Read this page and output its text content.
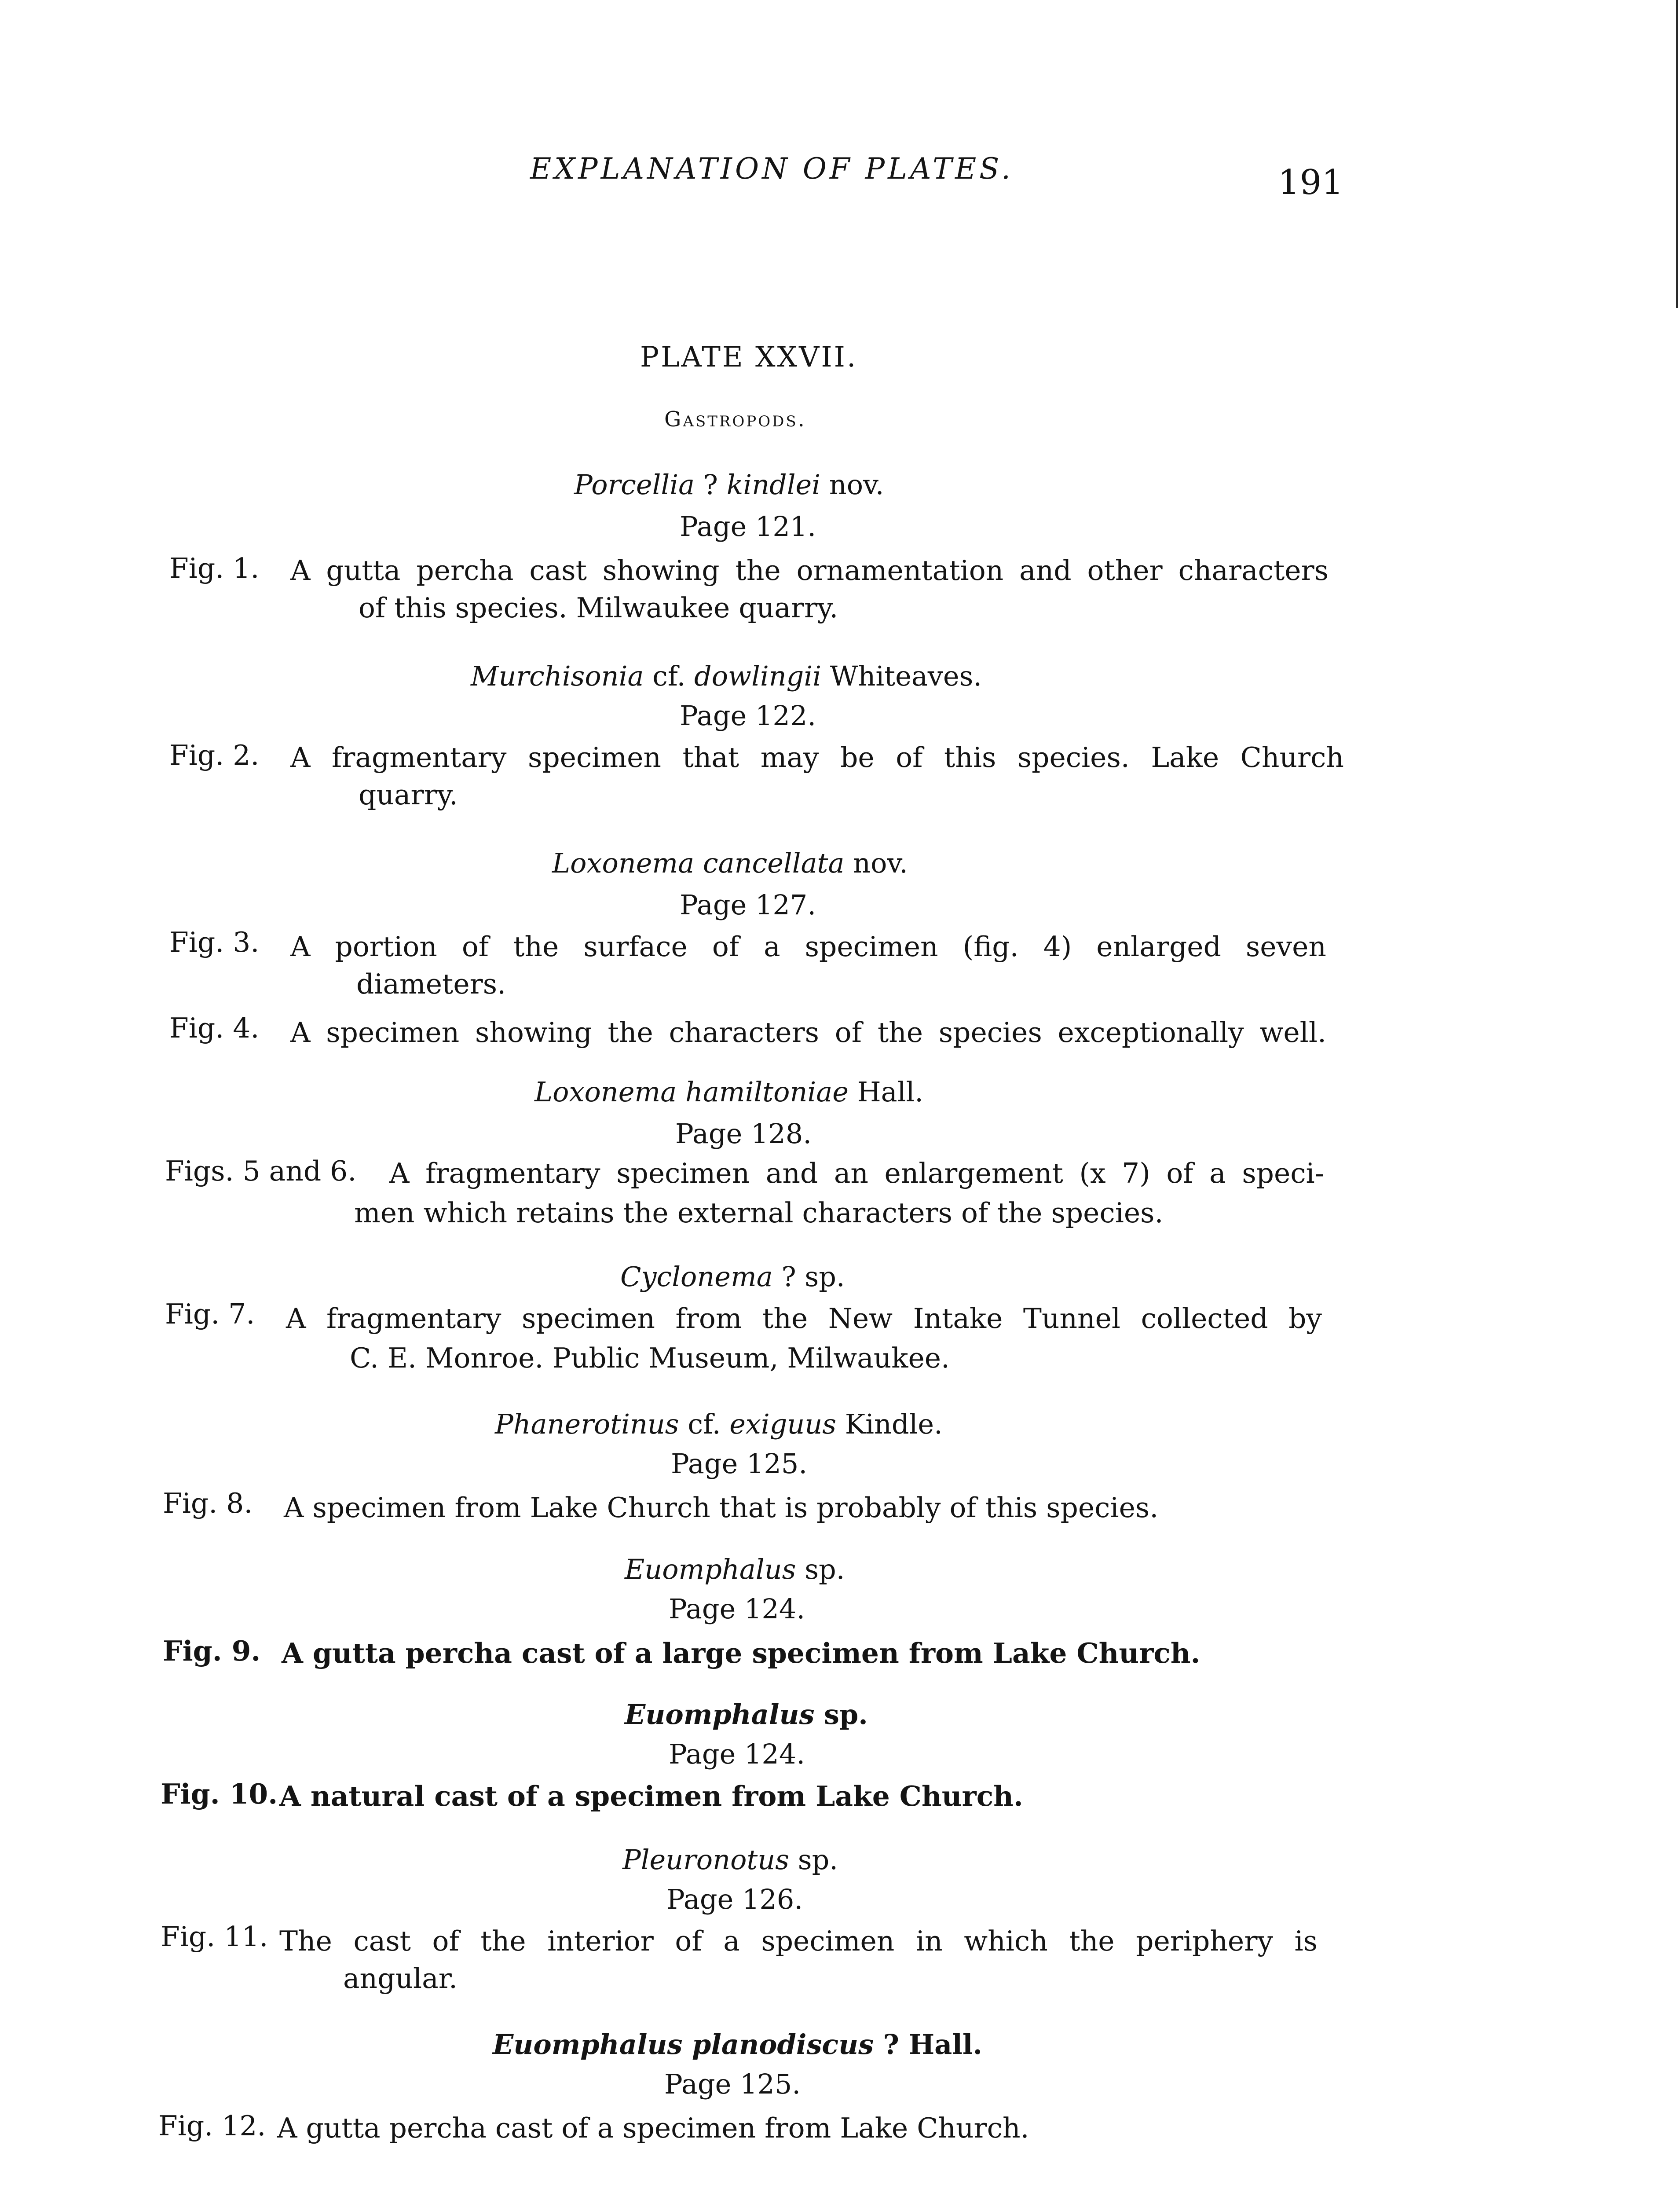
EXPLANATION OF PLATES.	191
PLATE XXVII.
Gastropods.
Porcellia ? kindlei nov.
Page 121.
Fig. 1. A gutta percha cast showing the ornamentation and other characters
of this species. Milwaukee quarry.
Murchisonia cf. dowlingii Whiteaves.
Page 122.
Fig. 2. A fragmentary specimen that may be of this species. Lake Church
quarry.
Loxonema cancellata nov.
Page 127.
Fig. 3. A portion of the surface of a specimen (fig. 4) enlarged seven
diameters.
Fig. 4. A specimen showing the characters of the species exceptionally well.
Loxonema hamiltoniae Hall.
Page 128.
Figs. 5 and 6. A fragmentary specimen and an enlargement (x 7) of a speci-
men which retains the external characters of the species.
Cyclonema ? sp.
Fig. 7. A fragmentary specimen from the New Intake Tunnel collected by
C. E. Monroe. Public Museum, Milwaukee.
Phanerotinus cf. exiguus Kindle.
Page 125.
Fig. 8. A specimen from Lake Church that is probably of this species.
Euomphalus sp.
Page 124.
Fig. 9. A gutta percha cast of a large specimen from Lake Church.
Euomphalus sp.
Page 124.
Fig. 10. A natural cast of a specimen from Lake Church.
Pleuronotus sp.
Page 126.
Fig. 11. The cast of the interior of a specimen in which the periphery is
angular.
Euomphalus planodiscus ? Hall.
Page 125.
Fig. 12. A gutta percha cast of a specimen from Lake Church.
